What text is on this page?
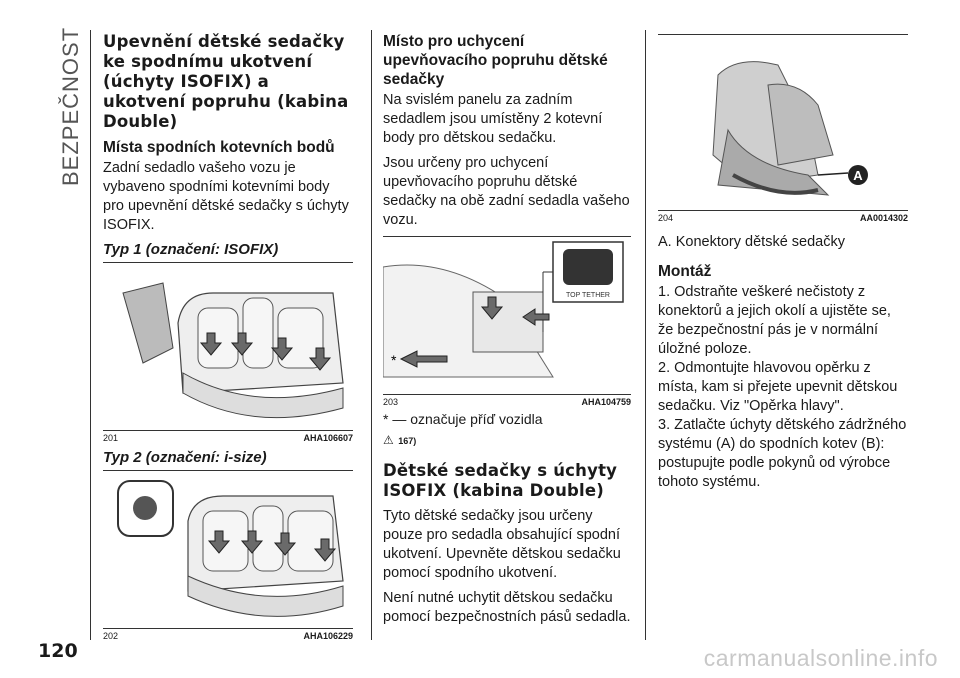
BEZPEČNOST Upevnění dětské sedačky ke spodnímu ukotvení (úchyty ISOFIX) a ukotvení popruhu (kabina Double)
Místa spodních kotevních bodů

Zadní sedadlo vašeho vozu je vybaveno spodními kotevními body pro upevnění dětské sedačky s úchyty ISOFIX.

Typ 1 (označení: ISOFIX)
201	AHA106607
Typ 2 (označení: i-size)
202	AHA106229
Místo pro uchycení upevňovacího popruhu dětské sedačky

Na svislém panelu za zadním sedadlem jsou umístěny 2 kotevní body pro dětskou sedačku.

Jsou určeny pro uchycení upevňovacího popruhu dětské sedačky na obě zadní sedadla vašeho vozu.

TOP TETHER
*
203	AHA104759
* — označuje příď vozidla
⚠ 167)
Dětské sedačky s úchyty ISOFIX (kabina Double)

Tyto dětské sedačky jsou určeny pouze pro sedadla obsahující spodní ukotvení. Upevněte dětskou sedačku pomocí spodního ukotvení.

Není nutné uchytit dětskou sedačku pomocí bezpečnostních pásů sedadla.

A
204	AA0014302

A. Konektory dětské sedačky

Montáž

1. Odstraňte veškeré nečistoty z konektorů a jejich okolí a ujistěte se, že bezpečnostní pás je v normální úložné poloze.

2. Odmontujte hlavovou opěrku z místa, kam si přejete upevnit dětskou sedačku. Viz "Opěrka hlavy".

3. Zatlačte úchyty dětského zádržného systému (A) do spodních kotev (B): postupujte podle pokynů od výrobce tohoto systému.

120	carmanualsonline.info
